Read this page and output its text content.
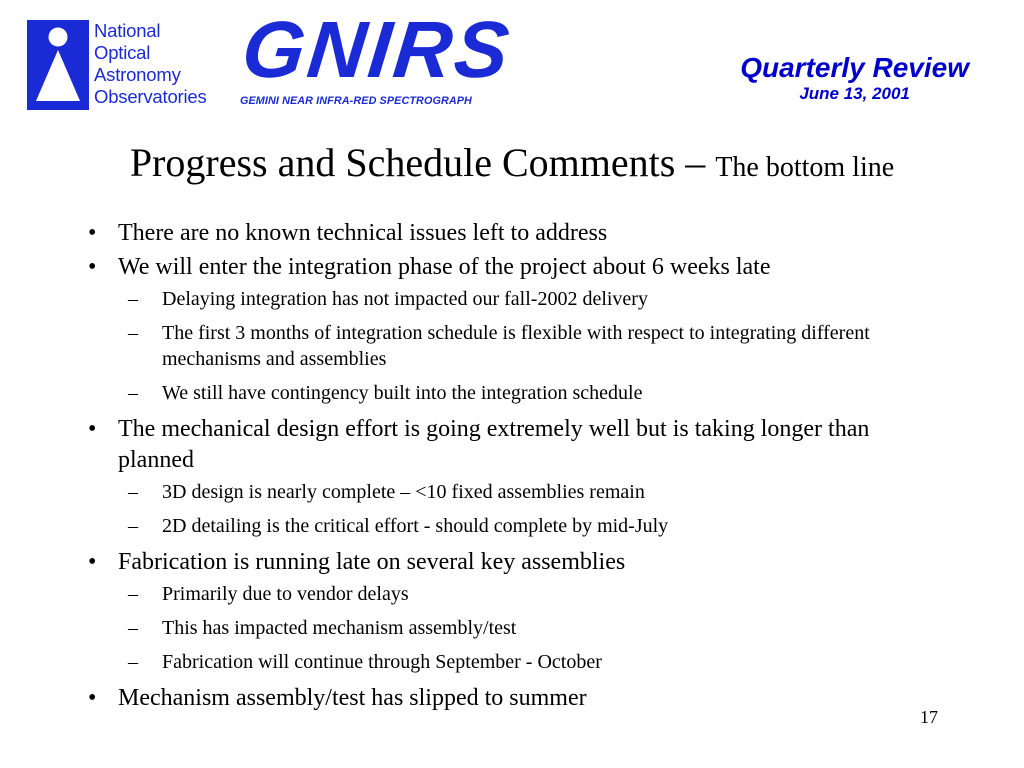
National
Optical
Astronomy
Observatories
GNIRS
GEMINI NEAR INFRA-RED SPECTROGRAPH
Quarterly Review
June 13, 2001
Progress and Schedule Comments – The bottom line
• There are no known technical issues left to address
• We will enter the integration phase of the project about 6 weeks late
– Delaying integration has not impacted our fall-2002 delivery
– The first 3 months of integration schedule is flexible with respect to integrating different mechanisms and assemblies
– We still have contingency built into the integration schedule
• The mechanical design effort is going extremely well but is taking longer than planned
– 3D design is nearly complete – <10 fixed assemblies remain
– 2D detailing is the critical effort - should complete by mid-July
• Fabrication is running late on several key assemblies
– Primarily due to vendor delays
– This has impacted mechanism assembly/test
– Fabrication will continue through September - October
• Mechanism assembly/test has slipped to summer
17
